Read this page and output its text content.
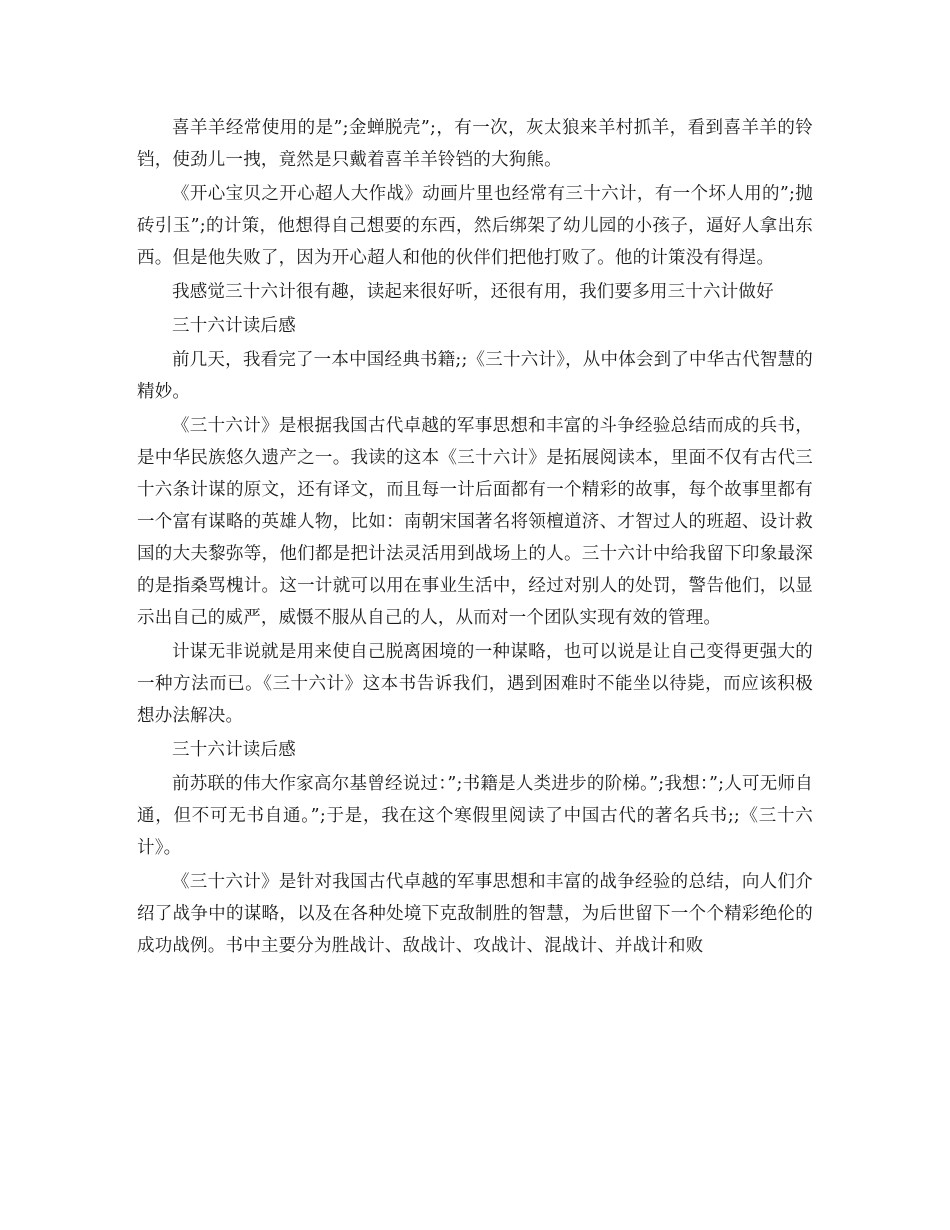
喜羊羊经常使用的是”;金蝉脱壳”;，有一次，灰太狼来羊村抓羊，看到喜羊羊的铃铛，使劲儿一拽，竟然是只戴着喜羊羊铃铛的大狗熊。

《开心宝贝之开心超人大作战》动画片里也经常有三十六计，有一个坏人用的”;抛砖引玉”;的计策，他想得自己想要的东西，然后绑架了幼儿园的小孩子，逼好人拿出东西。但是他失败了，因为开心超人和他的伙伴们把他打败了。他的计策没有得逞。

我感觉三十六计很有趣，读起来很好听，还很有用，我们要多用三十六计做好

三十六计读后感

前几天，我看完了一本中国经典书籍;;《三十六计》，从中体会到了中华古代智慧的精妙。

《三十六计》是根据我国古代卓越的军事思想和丰富的斗争经验总结而成的兵书，是中华民族悠久遗产之一。我读的这本《三十六计》是拓展阅读本，里面不仅有古代三十六条计谋的原文，还有译文，而且每一计后面都有一个精彩的故事，每个故事里都有一个富有谋略的英雄人物，比如：南朝宋国著名将领檀道济、才智过人的班超、设计救国的大夫黎弥等，他们都是把计法灵活用到战场上的人。三十六计中给我留下印象最深的是指桑骂槐计。这一计就可以用在事业生活中，经过对别人的处罚，警告他们，以显示出自己的威严，威慑不服从自己的人，从而对一个团队实现有效的管理。

计谋无非说就是用来使自己脱离困境的一种谋略，也可以说是让自己变得更强大的一种方法而已。《三十六计》这本书告诉我们，遇到困难时不能坐以待毙，而应该积极想办法解决。

三十六计读后感

前苏联的伟大作家高尔基曾经说过：”;书籍是人类进步的阶梯。”;我想：”;人可无师自通，但不可无书自通。”;于是，我在这个寒假里阅读了中国古代的著名兵书;;《三十六计》。

《三十六计》是针对我国古代卓越的军事思想和丰富的战争经验的总结，向人们介绍了战争中的谋略，以及在各种处境下克敌制胜的智慧，为后世留下一个个精彩绝伦的成功战例。书中主要分为胜战计、敌战计、攻战计、混战计、并战计和败
